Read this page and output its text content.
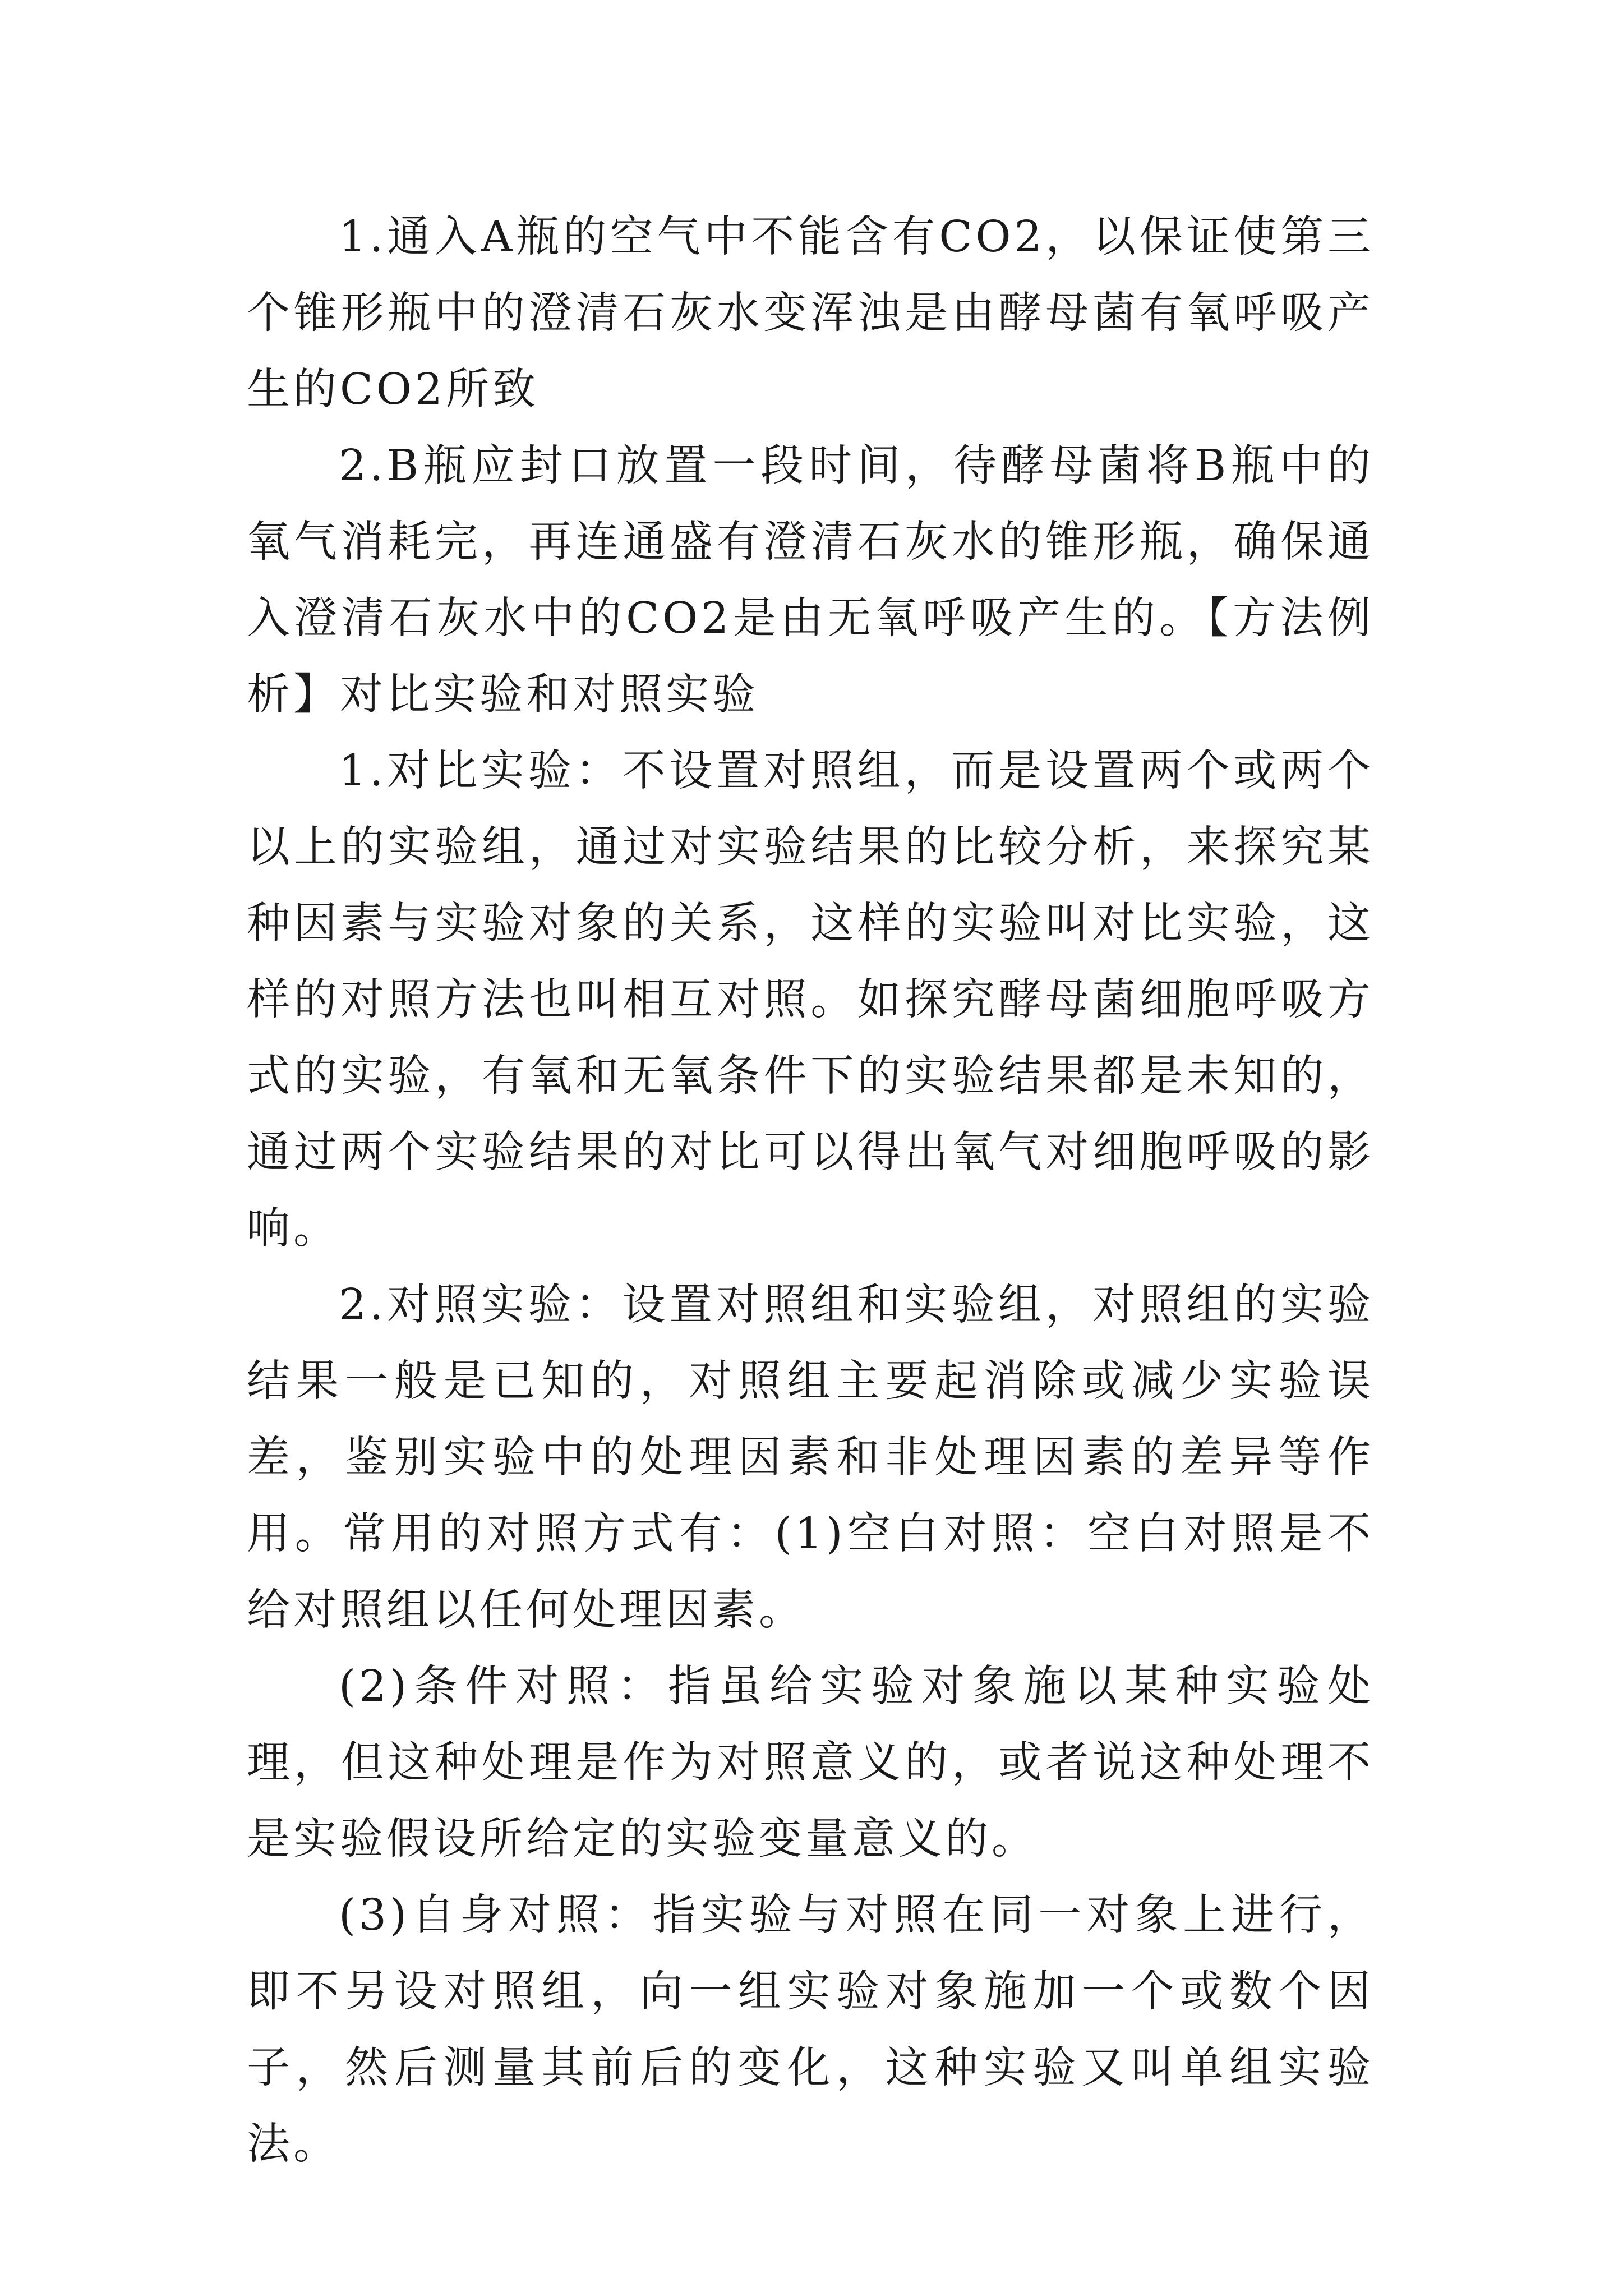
1.通入A瓶的空气中不能含有CO2，以保证使第三个锥形瓶中的澄清石灰水变浑浊是由酵母菌有氧呼吸产生的CO2所致

2.B瓶应封口放置一段时间，待酵母菌将B瓶中的氧气消耗完，再连通盛有澄清石灰水的锥形瓶，确保通入澄清石灰水中的CO2是由无氧呼吸产生的。【方法例析】对比实验和对照实验

1.对比实验：不设置对照组，而是设置两个或两个以上的实验组，通过对实验结果的比较分析，来探究某种因素与实验对象的关系，这样的实验叫对比实验，这样的对照方法也叫相互对照。如探究酵母菌细胞呼吸方式的实验，有氧和无氧条件下的实验结果都是未知的，通过两个实验结果的对比可以得出氧气对细胞呼吸的影响。

2.对照实验：设置对照组和实验组，对照组的实验结果一般是已知的，对照组主要起消除或减少实验误差，鉴别实验中的处理因素和非处理因素的差异等作用。常用的对照方式有：(1)空白对照：空白对照是不给对照组以任何处理因素。

(2)条件对照：指虽给实验对象施以某种实验处理，但这种处理是作为对照意义的，或者说这种处理不是实验假设所给定的实验变量意义的。

(3)自身对照：指实验与对照在同一对象上进行，即不另设对照组，向一组实验对象施加一个或数个因子，然后测量其前后的变化，这种实验又叫单组实验法。
